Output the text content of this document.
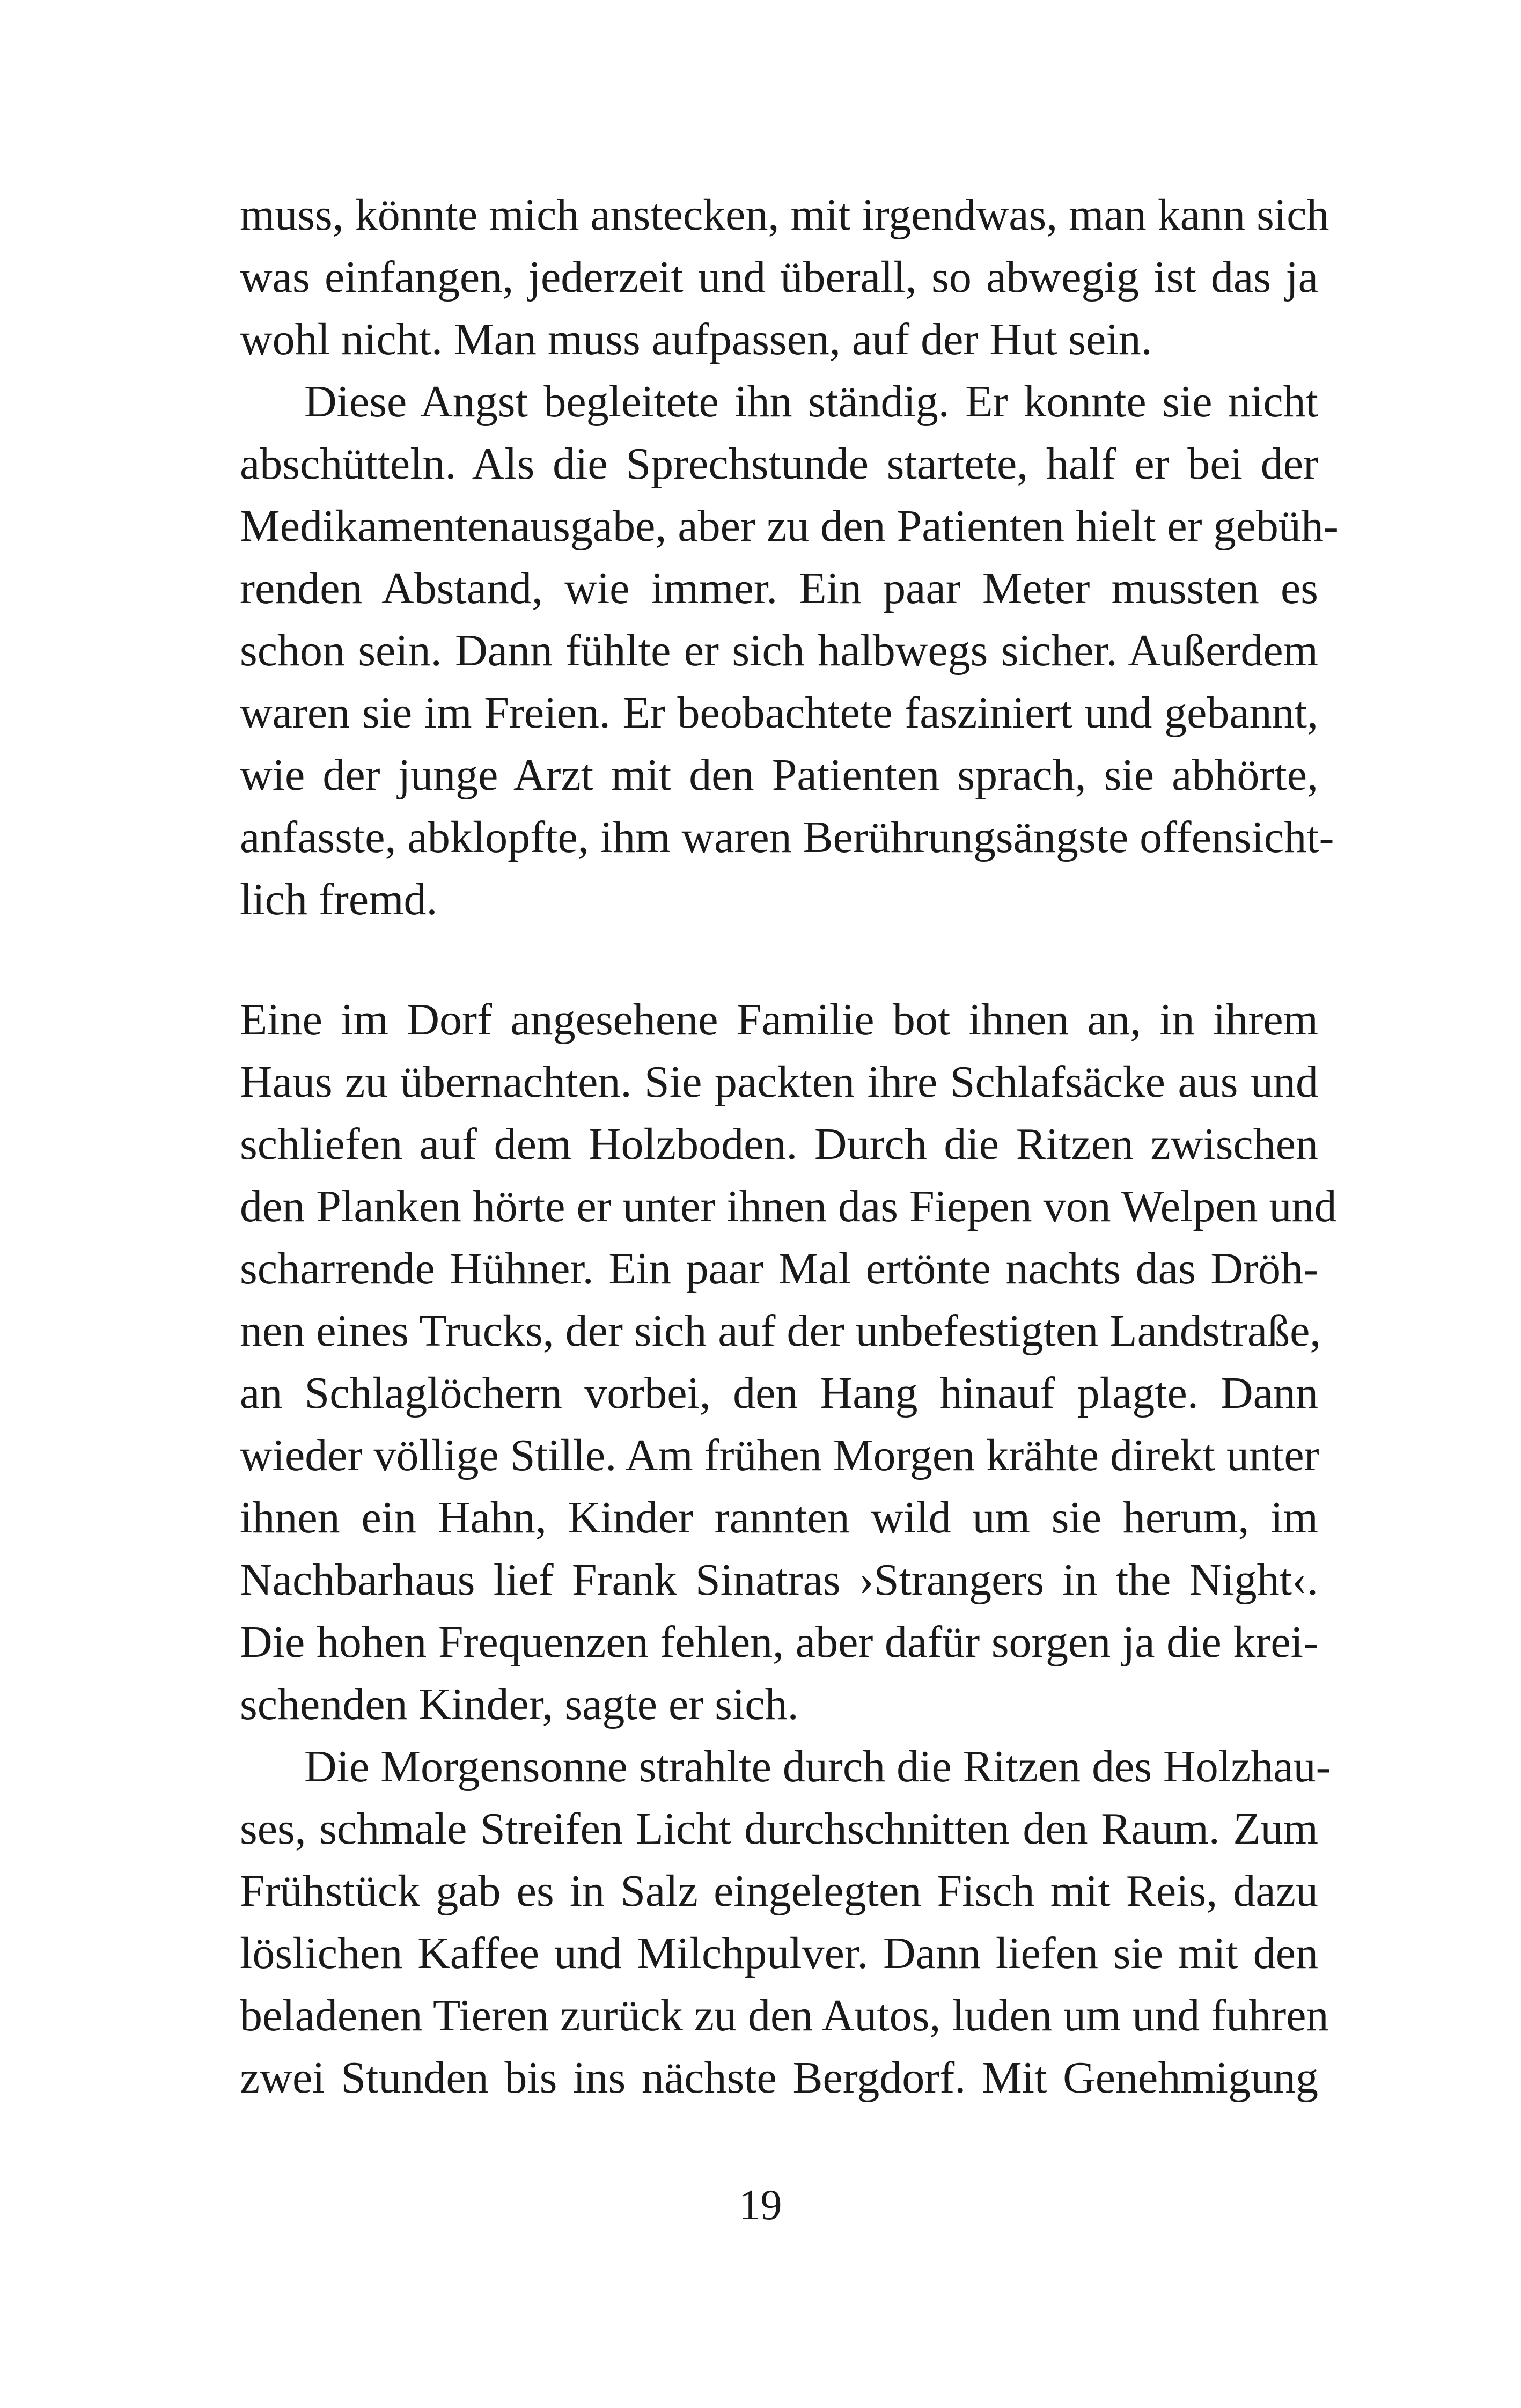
muss, könnte mich anstecken, mit irgendwas, man kann sich
was einfangen, jederzeit und überall, so abwegig ist das ja
wohl nicht. Man muss aufpassen, auf der Hut sein.
Diese Angst begleitete ihn ständig. Er konnte sie nicht
abschütteln. Als die Sprechstunde startete, half er bei der
Medikamentenausgabe, aber zu den Patienten hielt er gebüh-
renden Abstand, wie immer. Ein paar Meter mussten es
schon sein. Dann fühlte er sich halbwegs sicher. Außerdem
waren sie im Freien. Er beobachtete fasziniert und gebannt,
wie der junge Arzt mit den Patienten sprach, sie abhörte,
anfasste, abklopfte, ihm waren Berührungsängste offensicht-
lich fremd.
Eine im Dorf angesehene Familie bot ihnen an, in ihrem
Haus zu übernachten. Sie packten ihre Schlafsäcke aus und
schliefen auf dem Holzboden. Durch die Ritzen zwischen
den Planken hörte er unter ihnen das Fiepen von Welpen und
scharrende Hühner. Ein paar Mal ertönte nachts das Dröh-
nen eines Trucks, der sich auf der unbefestigten Landstraße,
an Schlaglöchern vorbei, den Hang hinauf plagte. Dann
wieder völlige Stille. Am frühen Morgen krähte direkt unter
ihnen ein Hahn, Kinder rannten wild um sie herum, im
Nachbarhaus lief Frank Sinatras ›Strangers in the Night‹.
Die hohen Frequenzen fehlen, aber dafür sorgen ja die krei-
schenden Kinder, sagte er sich.
Die Morgensonne strahlte durch die Ritzen des Holzhau-
ses, schmale Streifen Licht durchschnitten den Raum. Zum
Frühstück gab es in Salz eingelegten Fisch mit Reis, dazu
löslichen Kaffee und Milchpulver. Dann liefen sie mit den
beladenen Tieren zurück zu den Autos, luden um und fuhren
zwei Stunden bis ins nächste Bergdorf. Mit Genehmigung
19
